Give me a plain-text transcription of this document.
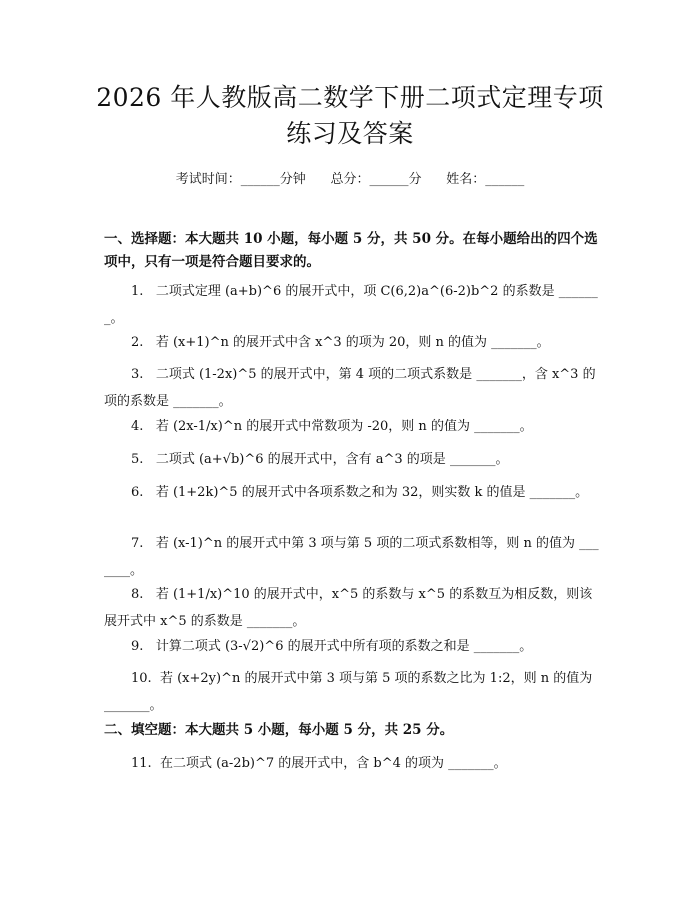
2026 年人教版高二数学下册二项式定理专项
练习及答案
考试时间：______分钟      总分：______分      姓名：______
一、选择题：本大题共 10 小题，每小题 5 分，共 50 分。在每小题给出的四个选项中，只有一项是符合题目要求的。
1. 二项式定理 (a+b)^6 的展开式中，项 C(6,2)a^(6-2)b^2 的系数是 _______。
2. 若 (x+1)^n 的展开式中含 x^3 的项为 20，则 n 的值为 _______。
3. 二项式 (1-2x)^5 的展开式中，第 4 项的二项式系数是 _______，含 x^3 的项的系数是 _______。
4. 若 (2x-1/x)^n 的展开式中常数项为 -20，则 n 的值为 _______。
5. 二项式 (a+√b)^6 的展开式中，含有 a^3 的项是 _______。
6. 若 (1+2k)^5 的展开式中各项系数之和为 32，则实数 k 的值是 _______。
7. 若 (x-1)^n 的展开式中第 3 项与第 5 项的二项式系数相等，则 n 的值为 _______。
8. 若 (1+1/x)^10 的展开式中，x^5 的系数与 x^5 的系数互为相反数，则该展开式中 x^5 的系数是 _______。
9. 计算二项式 (3-√2)^6 的展开式中所有项的系数之和是 _______。
10. 若 (x+2y)^n 的展开式中第 3 项与第 5 项的系数之比为 1:2，则 n 的值为 _______。
二、填空题：本大题共 5 小题，每小题 5 分，共 25 分。
11. 在二项式 (a-2b)^7 的展开式中，含 b^4 的项为 _______。
